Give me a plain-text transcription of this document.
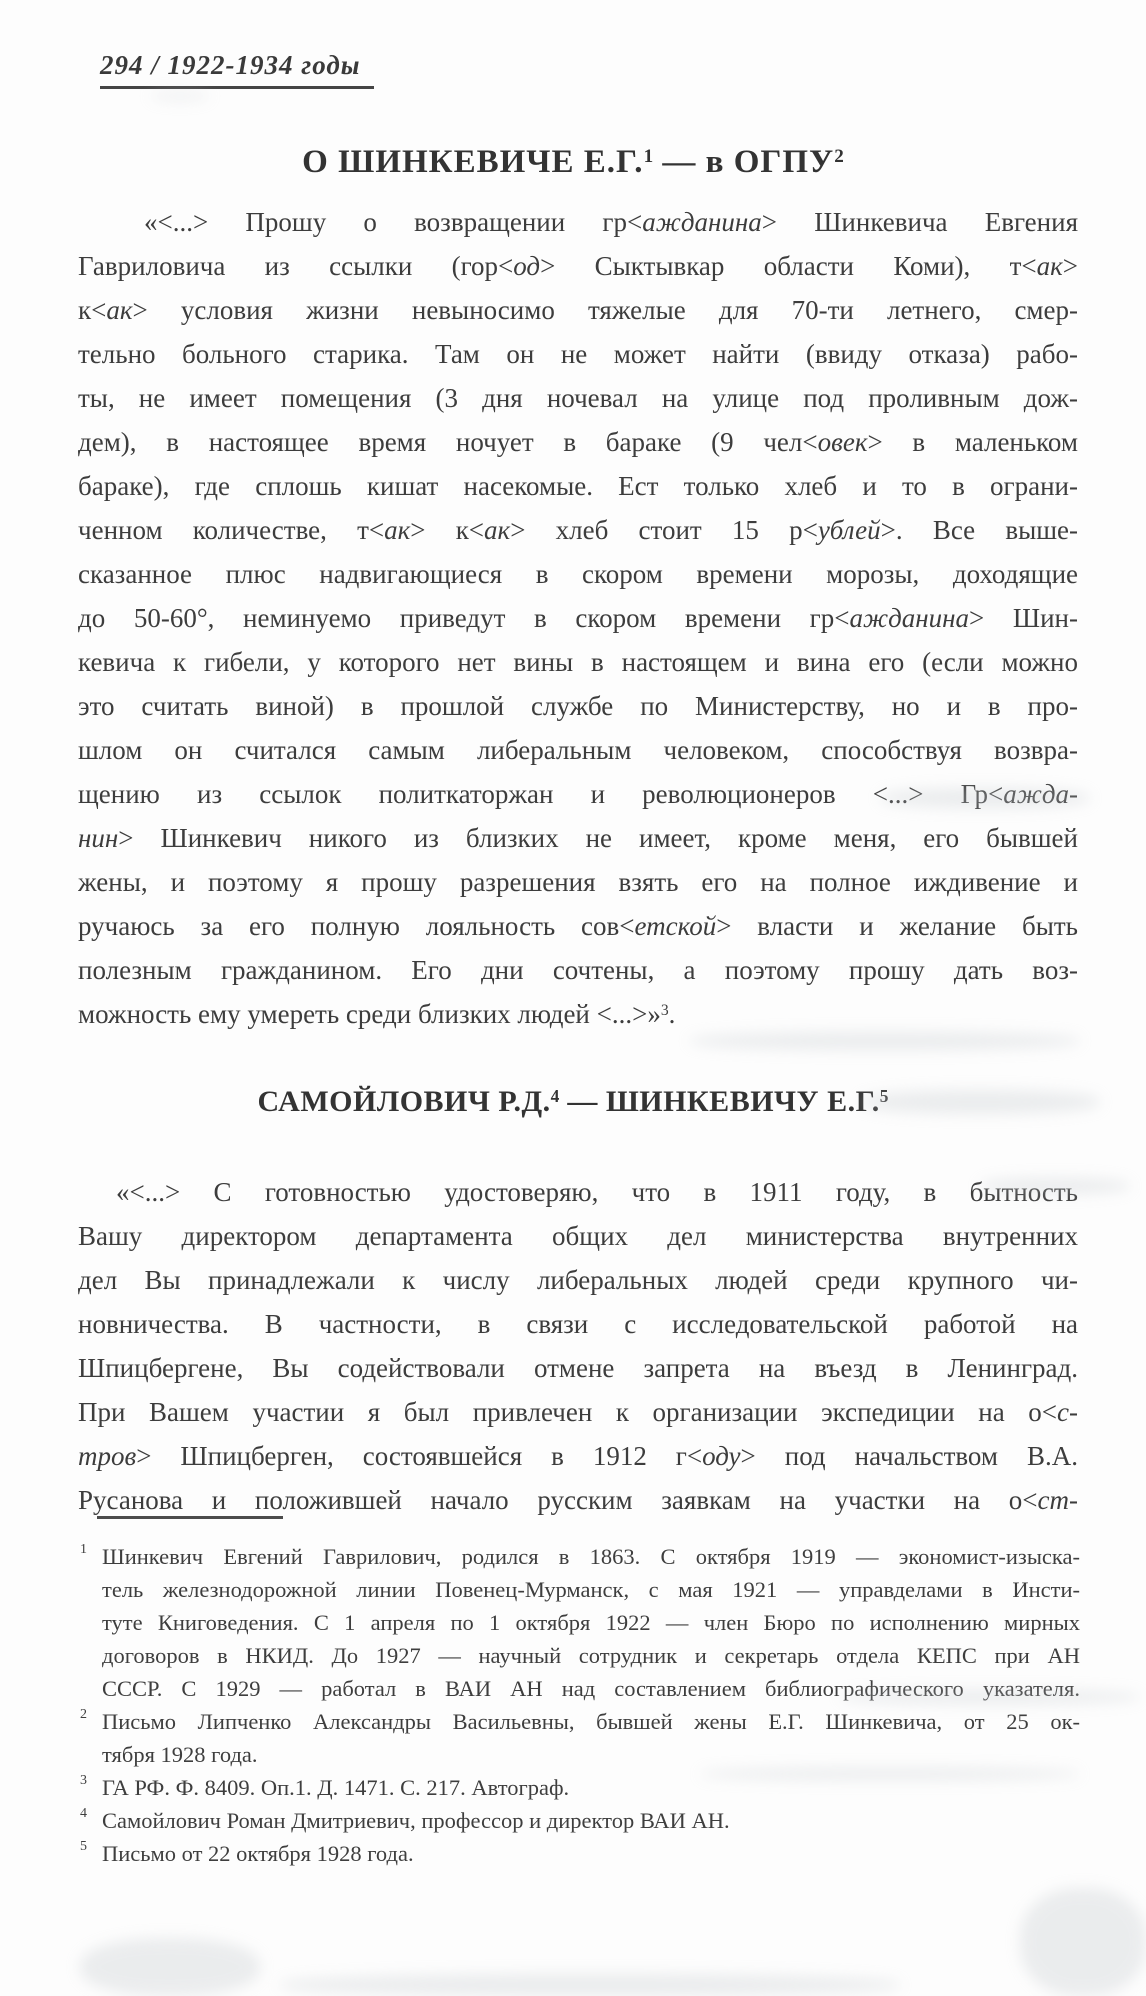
294 / 1922-1934 годы
О ШИНКЕВИЧЕ Е.Г.$^1$ — в ОГПУ$^2$
«<...> Прошу о возвращении гр<ажданина> Шинкевича Евгения
Гавриловича из ссылки (гор<од> Сыктывкар области Коми), т<ак>
к<ак> условия жизни невыносимо тяжелые для 70-ти летнего, смер-
тельно больного старика. Там он не может найти (ввиду отказа) рабо-
ты, не имеет помещения (3 дня ночевал на улице под проливным дож-
дем), в настоящее время ночует в бараке (9 чел<овек> в маленьком
бараке), где сплошь кишат насекомые. Ест только хлеб и то в ограни-
ченном количестве, т<ак> к<ак> хлеб стоит 15 р<ублей>. Все выше-
сказанное плюс надвигающиеся в скором времени морозы, доходящие
до 50-60°, неминуемо приведут в скором времени гр<ажданина> Шин-
кевича к гибели, у которого нет вины в настоящем и вина его (если можно
это считать виной) в прошлой службе по Министерству, но и в про-
шлом он считался самым либеральным человеком, способствуя возвра-
щению из ссылок политкаторжан и революционеров <...> Гр<ажда-
нин> Шинкевич никого из близких не имеет, кроме меня, его бывшей
жены, и поэтому я прошу разрешения взять его на полное иждивение и
ручаюсь за его полную лояльность сов<етской> власти и желание быть
полезным гражданином. Его дни сочтены, а поэтому прошу дать воз-
можность ему умереть среди близких людей <...>»$^3$.
САМОЙЛОВИЧ Р.Д.$^4$ — ШИНКЕВИЧУ Е.Г.$^5$
«<...> С готовностью удостоверяю, что в 1911 году, в бытность
Вашу директором департамента общих дел министерства внутренних
дел Вы принадлежали к числу либеральных людей среди крупного чи-
новничества. В частности, в связи с исследовательской работой на
Шпицбергене, Вы содействовали отмене запрета на въезд в Ленинград.
При Вашем участии я был привлечен к организации экспедиции на о<с-
тров> Шпицберген, состоявшейся в 1912 г<оду> под начальством В.А.
Русанова и положившей начало русским заявкам на участки на о<ст-
1 Шинкевич Евгений Гаврилович, родился в 1863. С октября 1919 — экономист-изыска-
тель железнодорожной линии Повенец-Мурманск, с мая 1921 — управделами в Инсти-
туте Книговедения. С 1 апреля по 1 октября 1922 — член Бюро по исполнению мирных
договоров в НКИД. До 1927 — научный сотрудник и секретарь отдела КЕПС при АН
СССР. С 1929 — работал в ВАИ АН над составлением библиографического указателя.
2 Письмо Липченко Александры Васильевны, бывшей жены Е.Г. Шинкевича, от 25 ок-
тября 1928 года.
3 ГА РФ. Ф. 8409. Оп.1. Д. 1471. С. 217. Автограф.
4 Самойлович Роман Дмитриевич, профессор и директор ВАИ АН.
5 Письмо от 22 октября 1928 года.
